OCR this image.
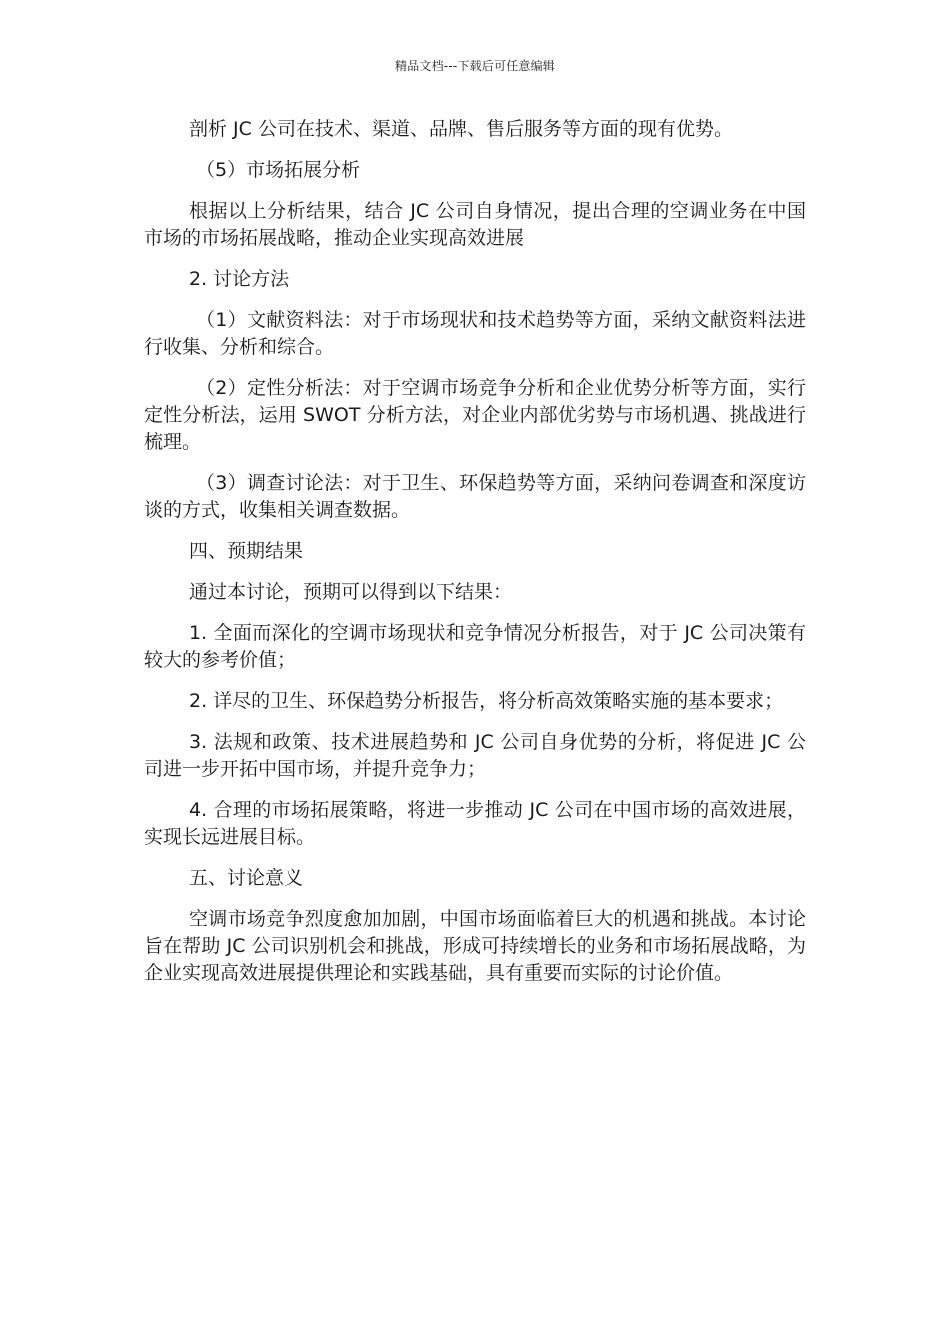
精品文档---下载后可任意编辑

剖析 JC 公司在技术、渠道、品牌、售后服务等方面的现有优势。

（5）市场拓展分析

根据以上分析结果，结合 JC 公司自身情况，提出合理的空调业务在中国市场的市场拓展战略，推动企业实现高效进展

2. 讨论方法

（1）文献资料法：对于市场现状和技术趋势等方面，采纳文献资料法进行收集、分析和综合。

（2）定性分析法：对于空调市场竞争分析和企业优势分析等方面，实行定性分析法，运用 SWOT 分析方法，对企业内部优劣势与市场机遇、挑战进行梳理。

（3）调查讨论法：对于卫生、环保趋势等方面，采纳问卷调查和深度访谈的方式，收集相关调查数据。

四、预期结果

通过本讨论，预期可以得到以下结果：

1. 全面而深化的空调市场现状和竞争情况分析报告，对于 JC 公司决策有较大的参考价值；

2. 详尽的卫生、环保趋势分析报告，将分析高效策略实施的基本要求；

3. 法规和政策、技术进展趋势和 JC 公司自身优势的分析，将促进 JC 公司进一步开拓中国市场，并提升竞争力；

4. 合理的市场拓展策略，将进一步推动 JC 公司在中国市场的高效进展，实现长远进展目标。

五、讨论意义

空调市场竞争烈度愈加加剧，中国市场面临着巨大的机遇和挑战。本讨论旨在帮助 JC 公司识别机会和挑战，形成可持续增长的业务和市场拓展战略，为企业实现高效进展提供理论和实践基础，具有重要而实际的讨论价值。
